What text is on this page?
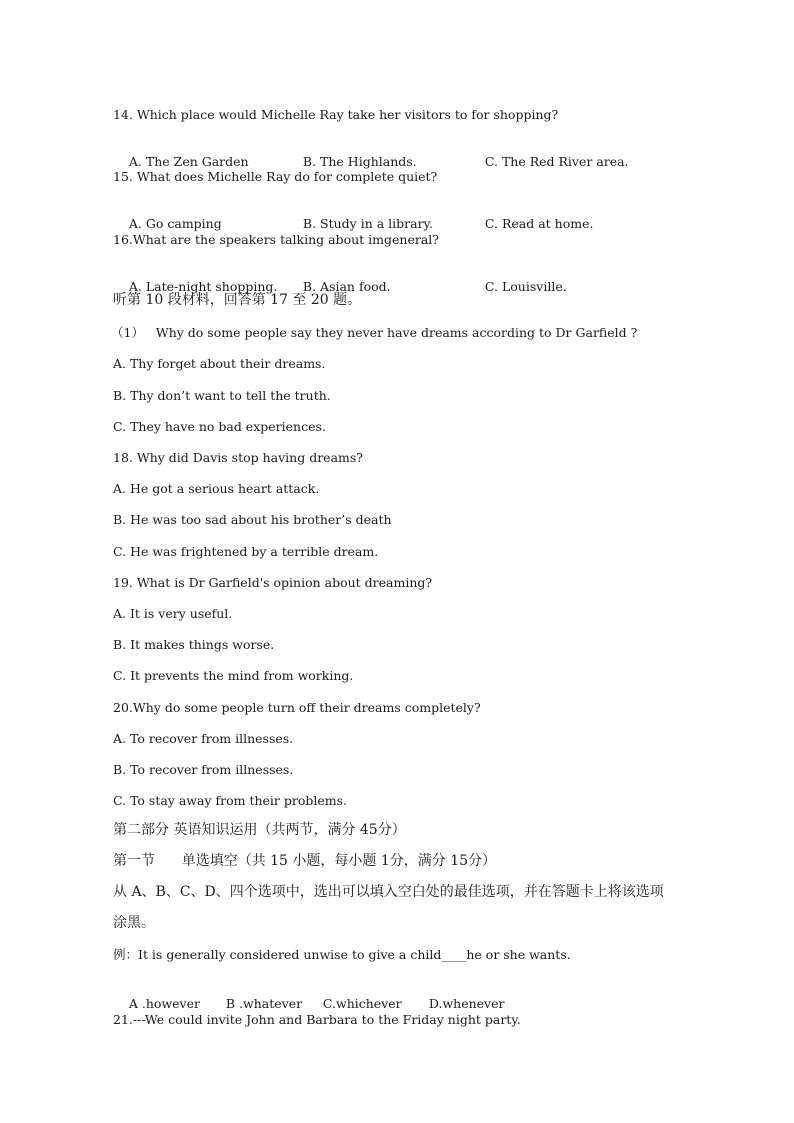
14. Which place would Michelle Ray take her visitors to for shopping?

A. The Zen Garden	B. The Highlands.	C. The Red River area.

15. What does Michelle Ray do for complete quiet?

A. Go camping	B. Study in a library.	C. Read at home.

16.What are the speakers talking about imgeneral?

A. Late-night shopping. B. Asian food.	C. Louisville.

听第 10 段材料，回答第 17 至 20 题。
（1）   Why do some people say they never have dreams according to Dr Garfield ?
A. Thy forget about their dreams.
B. Thy don’t want to tell the truth.
C. They have no bad experiences.
18. Why did Davis stop having dreams?
A. He got a serious heart attack.
B. He was too sad about his brother’s death
C. He was frightened by a terrible dream.
19. What is Dr Garfield's opinion about dreaming?
A. It is very useful.
B. It makes things worse.
C. It prevents the mind from working.
20.Why do some people turn off their dreams completely?
A. To recover from illnesses.
B. To recover from illnesses.
C. To stay away from their problems.
第二部分 英语知识运用（共两节，满分 45分）
第一节      单选填空（共 15 小题，每小题 1分，满分 15分）
从 A、B、C、D、四个选项中，选出可以填入空白处的最佳选项，并在答题卡上将该选项
涂黑。
例：It is generally considered unwise to give a child____he or she wants.

A .however B .whatever C.whichever D.whenever

21.---We could invite John and Barbara to the Friday night party.
